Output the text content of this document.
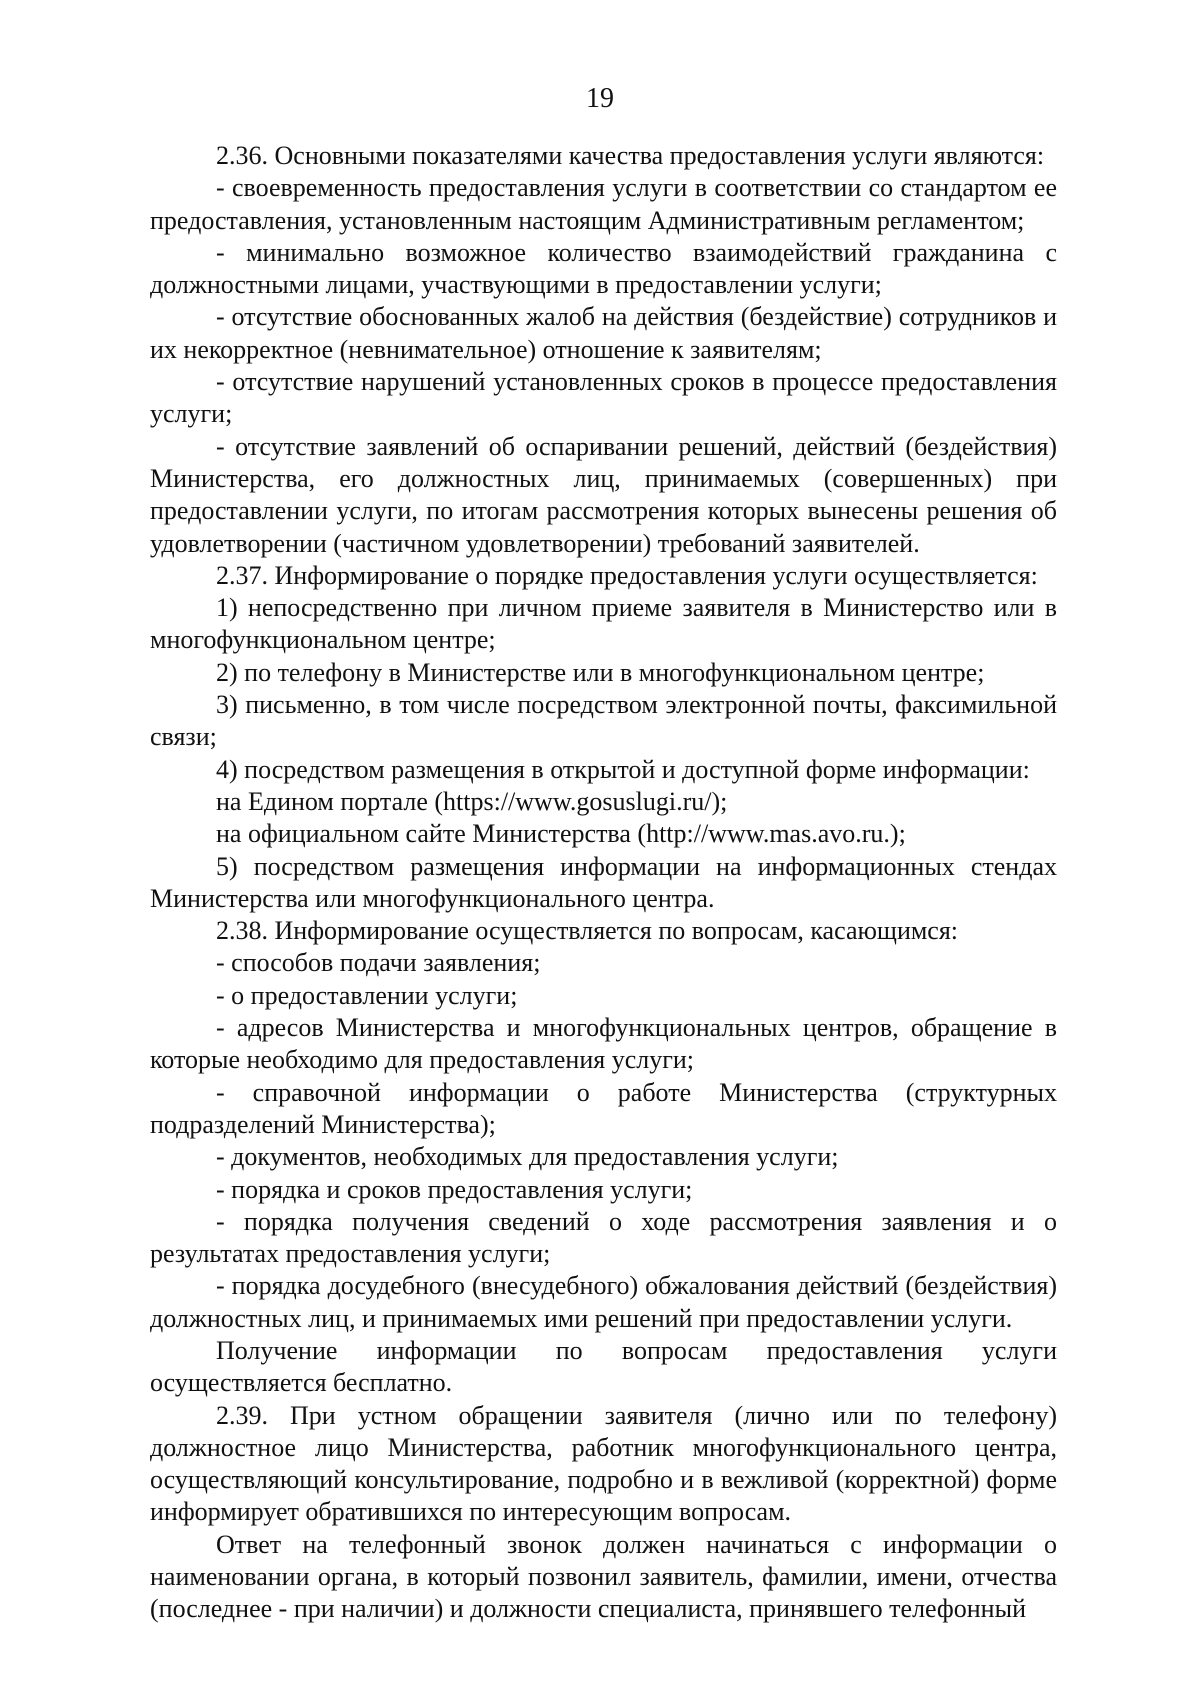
19

2.36. Основными показателями качества предоставления услуги являются:

- своевременность предоставления услуги в соответствии со стандартом ее предоставления, установленным настоящим Административным регламентом;

- минимально возможное количество взаимодействий гражданина с должностными лицами, участвующими в предоставлении услуги;

- отсутствие обоснованных жалоб на действия (бездействие) сотрудников и их некорректное (невнимательное) отношение к заявителям;

- отсутствие нарушений установленных сроков в процессе предоставления услуги;

- отсутствие заявлений об оспаривании решений, действий (бездействия) Министерства, его должностных лиц, принимаемых (совершенных) при предоставлении услуги, по итогам рассмотрения которых вынесены решения об удовлетворении (частичном удовлетворении) требований заявителей.

2.37. Информирование о порядке предоставления услуги осуществляется:

1) непосредственно при личном приеме заявителя в Министерство или в многофункциональном центре;

2) по телефону в Министерстве или в многофункциональном центре;

3) письменно, в том числе посредством электронной почты, факсимильной связи;

4) посредством размещения в открытой и доступной форме информации:

на Едином портале (https://www.gosuslugi.ru/);

на официальном сайте Министерства (http://www.mas.avo.ru.);

5) посредством размещения информации на информационных стендах Министерства или многофункционального центра.

2.38. Информирование осуществляется по вопросам, касающимся:

- способов подачи заявления;

- о предоставлении услуги;

- адресов Министерства и многофункциональных центров, обращение в которые необходимо для предоставления услуги;

- справочной информации о работе Министерства (структурных подразделений Министерства);

- документов, необходимых для предоставления услуги;

- порядка и сроков предоставления услуги;

- порядка получения сведений о ходе рассмотрения заявления и о результатах предоставления услуги;

- порядка досудебного (внесудебного) обжалования действий (бездействия) должностных лиц, и принимаемых ими решений при предоставлении услуги.

Получение информации по вопросам предоставления услуги осуществляется бесплатно.

2.39. При устном обращении заявителя (лично или по телефону) должностное лицо Министерства, работник многофункционального центра, осуществляющий консультирование, подробно и в вежливой (корректной) форме информирует обратившихся по интересующим вопросам.

Ответ на телефонный звонок должен начинаться с информации о наименовании органа, в который позвонил заявитель, фамилии, имени, отчества (последнее - при наличии) и должности специалиста, принявшего телефонный
